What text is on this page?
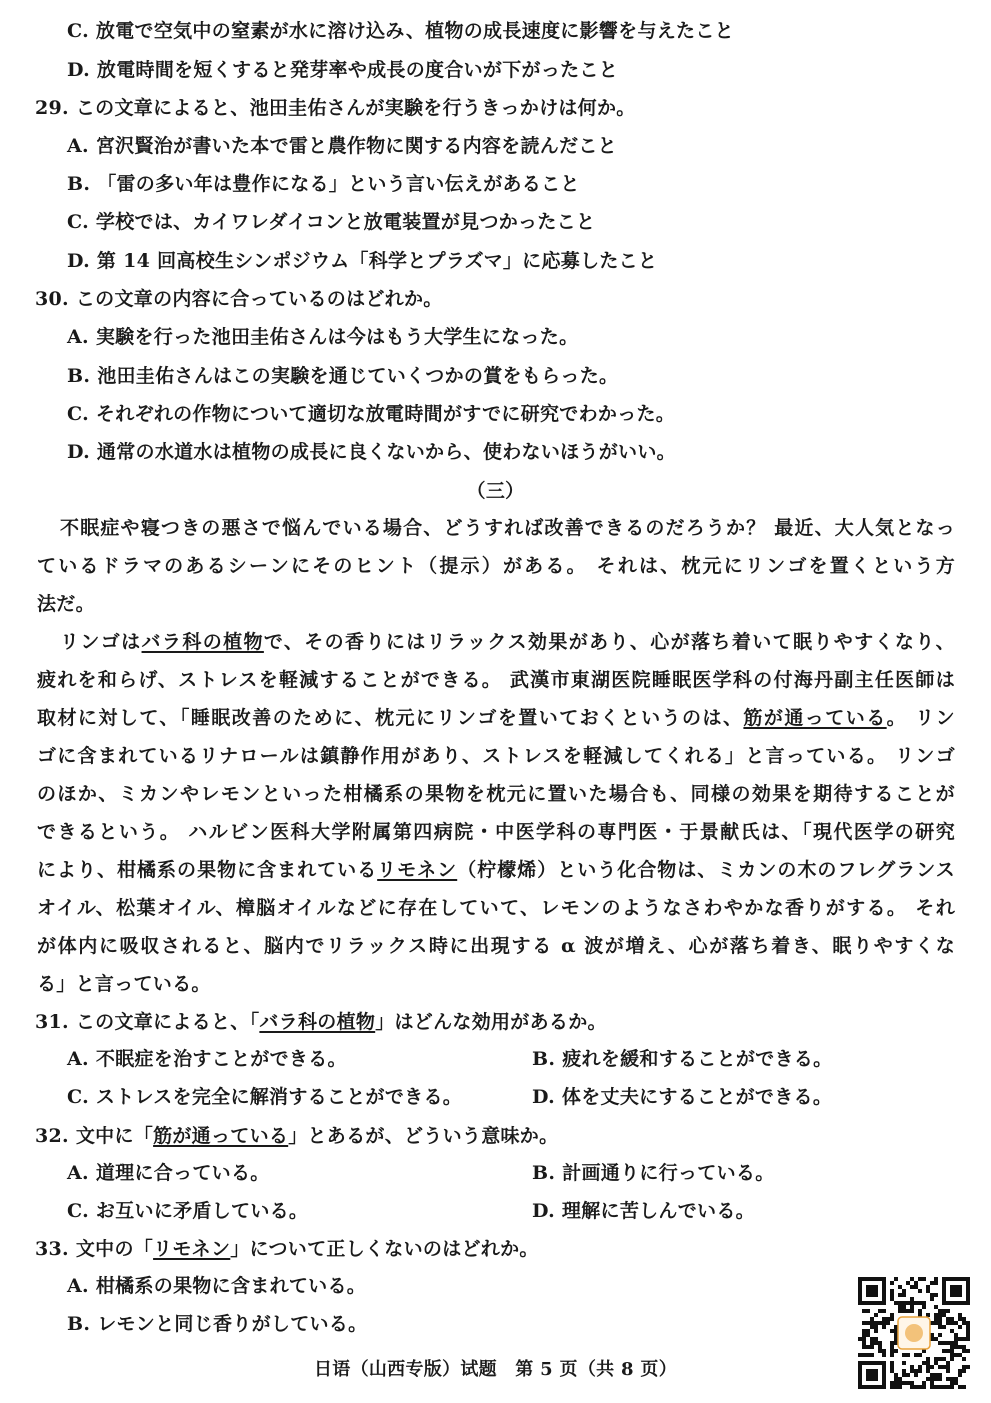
C. 放電で空気中の窒素が水に溶け込み、植物の成長速度に影響を与えたこと
D. 放電時間を短くすると発芽率や成長の度合いが下がったこと
29. この文章によると、池田圭佑さんが実験を行うきっかけは何か。
A. 宮沢賢治が書いた本で雷と農作物に関する内容を読んだこと
B. 「雷の多い年は豊作になる」という言い伝えがあること
C. 学校では、カイワレダイコンと放電装置が見つかったこと
D. 第 14 回高校生シンポジウム「科学とプラズマ」に応募したこと
30. この文章の内容に合っているのはどれか。
A. 実験を行った池田圭佑さんは今はもう大学生になった。
B. 池田圭佑さんはこの実験を通じていくつかの賞をもらった。
C. それぞれの作物について適切な放電時間がすでに研究でわかった。
D. 通常の水道水は植物の成長に良くないから、使わないほうがいい。
（三）
不眠症や寝つきの悪さで悩んでいる場合、どうすれば改善できるのだろうか？ 最近、大人気となっ
ているドラマのあるシーンにそのヒント（提示）がある。 それは、枕元にリンゴを置くという方
法だ。
リンゴはバラ科の植物で、その香りにはリラックス効果があり、心が落ち着いて眠りやすくなり、
疲れを和らげ、ストレスを軽減することができる。 武漢市東湖医院睡眠医学科の付海丹副主任医師は
取材に対して、「睡眠改善のために、枕元にリンゴを置いておくというのは、筋が通っている。 リン
ゴに含まれているリナロールは鎮静作用があり、ストレスを軽減してくれる」と言っている。 リンゴ
のほか、ミカンやレモンといった柑橘系の果物を枕元に置いた場合も、同様の効果を期待することが
できるという。 ハルビン医科大学附属第四病院・中医学科の専門医・于景献氏は、「現代医学の研究
により、柑橘系の果物に含まれているリモネン（柠檬烯）という化合物は、ミカンの木のフレグランス
オイル、松葉オイル、樟脳オイルなどに存在していて、レモンのようなさわやかな香りがする。 それ
が体内に吸収されると、脳内でリラックス時に出現する α 波が増え、心が落ち着き、眠りやすくな
る」と言っている。
31. この文章によると、「バラ科の植物」はどんな効用があるか。
A. 不眠症を治すことができる。	B. 疲れを緩和することができる。
C. ストレスを完全に解消することができる。	D. 体を丈夫にすることができる。
32. 文中に「筋が通っている」とあるが、どういう意味か。
A. 道理に合っている。	B. 計画通りに行っている。
C. お互いに矛盾している。	D. 理解に苦しんでいる。
33. 文中の「リモネン」について正しくないのはどれか。
A. 柑橘系の果物に含まれている。
B. レモンと同じ香りがしている。
日语（山西专版）试题　第 5 页（共 8 页）
